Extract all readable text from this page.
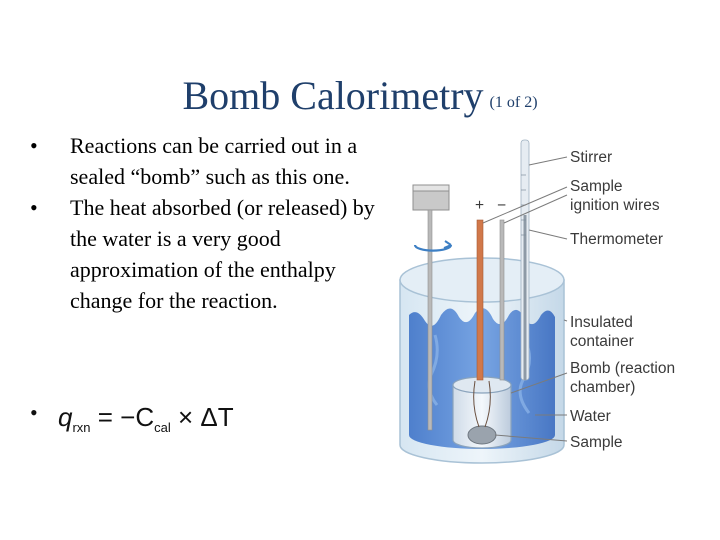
Bomb Calorimetry (1 of 2)
• Reactions can be carried out in a sealed “bomb” such as this one.
• The heat absorbed (or released) by the water is a very good approximation of the enthalpy change for the reaction.
• $q_{rxn} = -C_{cal} \times \Delta T$
+ −
Stirrer
Sample
ignition wires
Thermometer
Insulated
container
Bomb (reaction
chamber)
Water
Sample
